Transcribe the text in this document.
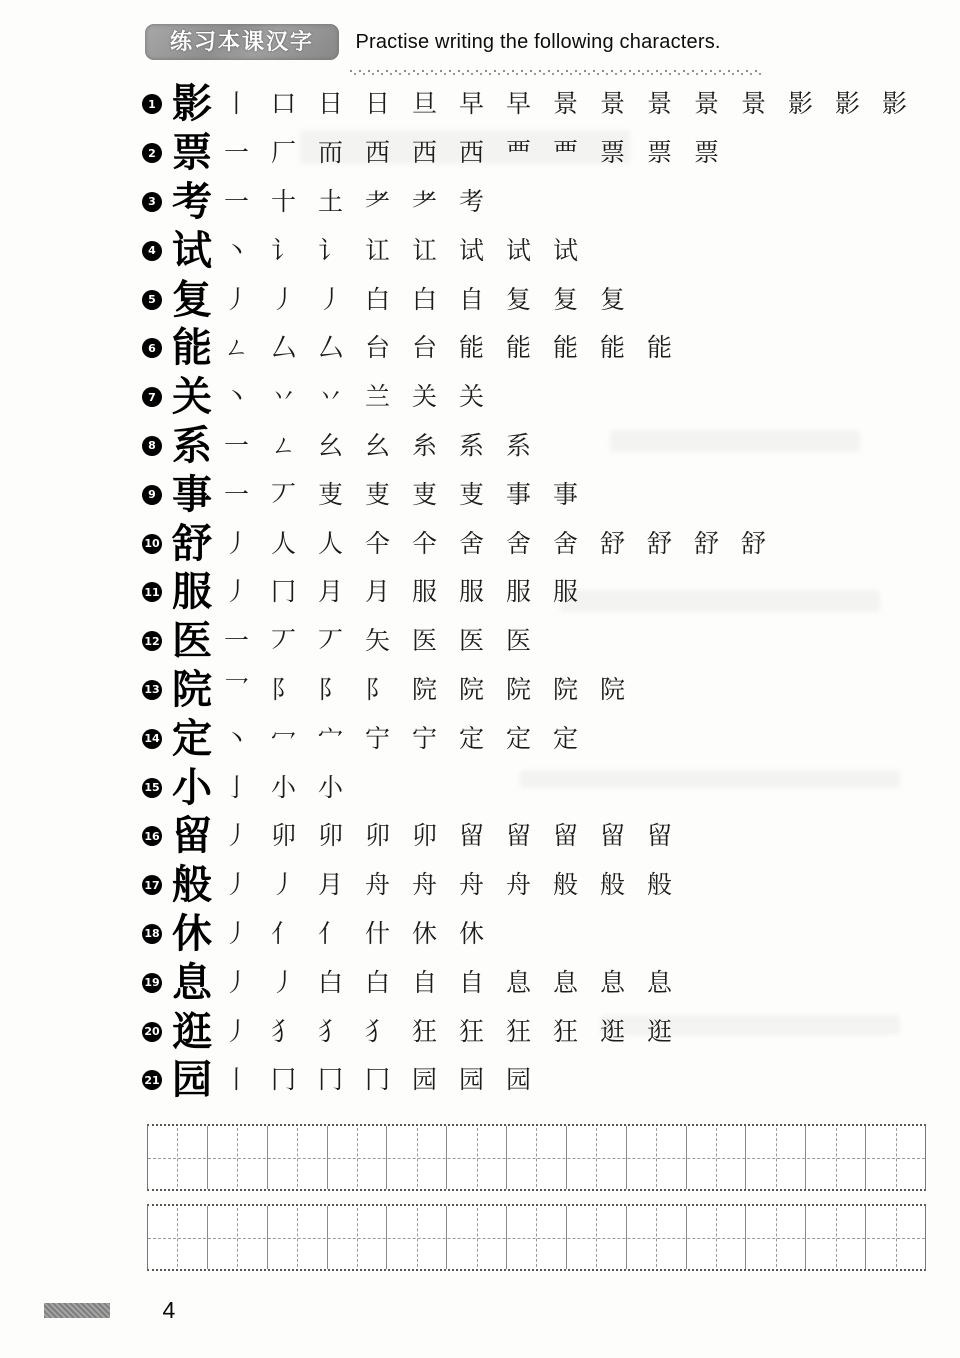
练习本课汉字 Practise writing the following characters.
1 影 丨 口 日 日 旦 早 早 景 景 景 景 景 影 影 影
2 票 一 厂 而 西 西 西 覀 覀 票 票 票
3 考 一 十 土 耂 耂 考
4 试 丶 讠 讠 讧 讧 试 试 试
5 复 丿 丿 丿 白 白 自 复 复 复
6 能 ㄥ 厶 厶 台 台 能 能 能 能 能
7 关 丶 丷 丷 兰 关 关
8 系 一 ㄥ 幺 幺 糸 系 系
9 事 一 丆 叓 叓 叓 叓 事 事
10 舒 丿 人 人 仐 仐 舍 舍 舍 舒 舒 舒 舒
11 服 丿 冂 月 月 服 服 服 服
12 医 一 丆 丆 矢 医 医 医
13 院 乛 阝 阝 阝 院 院 院 院 院
14 定 丶 冖 宀 宁 宁 定 定 定
15 小 亅 小 小
16 留 丿 卯 卯 卯 卯 留 留 留 留 留
17 般 丿 丿 月 舟 舟 舟 舟 般 般 般
18 休 丿 亻 亻 什 休 休
19 息 丿 丿 白 白 自 自 息 息 息 息
20 逛 丿 犭 犭 犭 狂 狂 狂 狂 逛 逛
21 园 丨 冂 冂 冂 园 园 园
4
